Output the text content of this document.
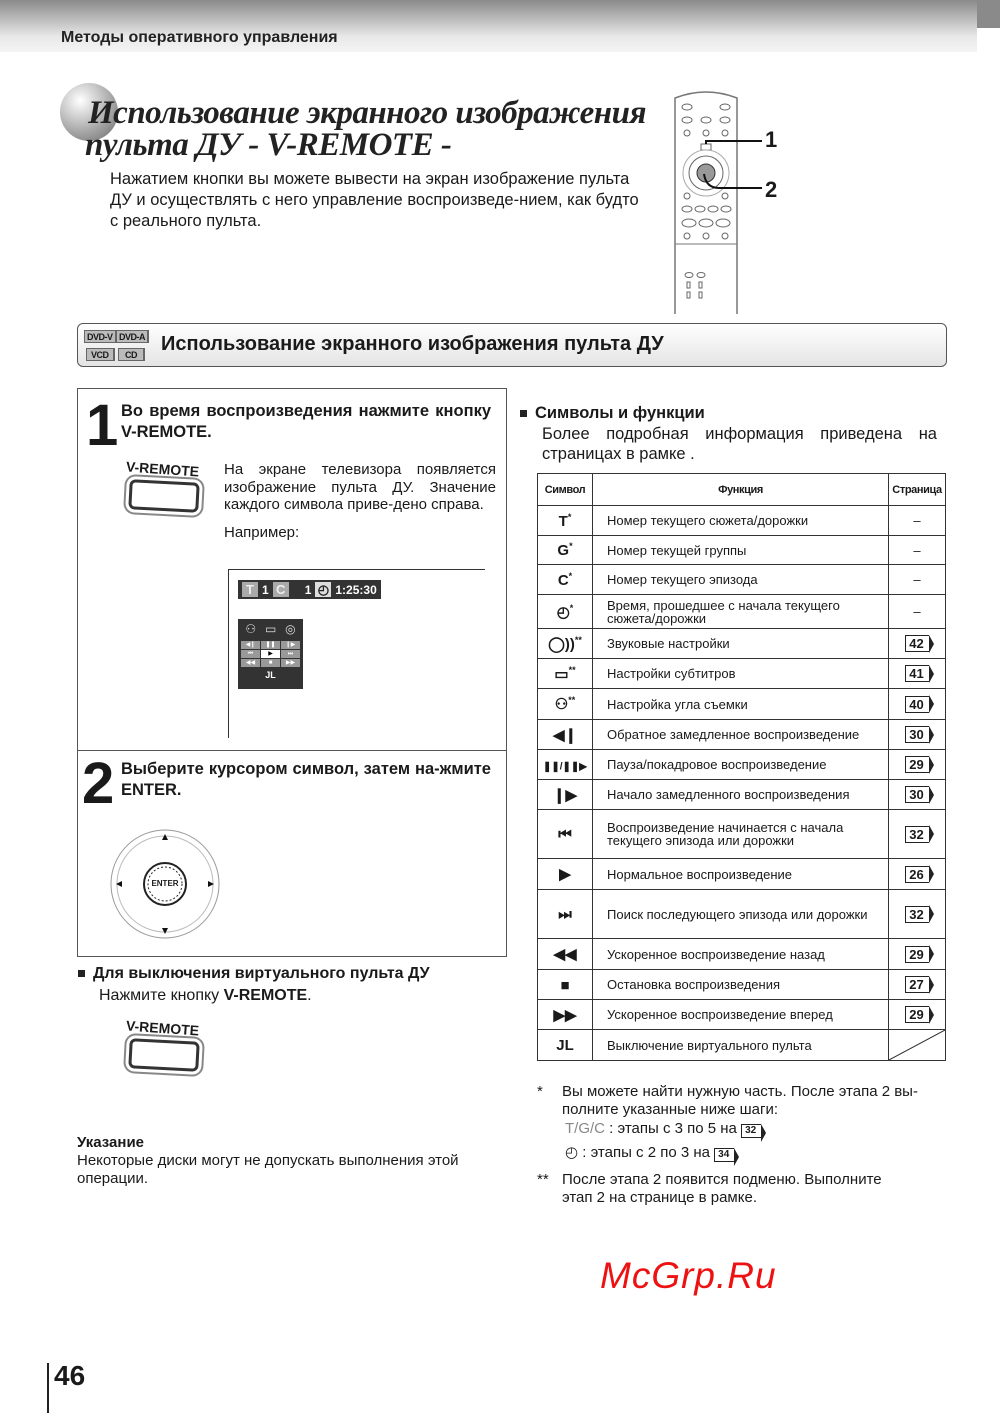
Методы оперативного управления
Использование экранного изображения
пульта ДУ - V-REMOTE -
Нажатием кнопки вы можете вывести на экран изображение пульта ДУ и осуществлять с него управление воспроизведе-нием, как будто с реального пульта.
1
2
DVD-V DVD-A
VCD	CD	Использование экранного изображения пульта ДУ
1 Во время воспроизведения нажмите кнопку V-REMOTE.
V-REMOTE На экране телевизора появляется изображение пульта ДУ. Значение каждого символа приве-дено справа.
Например:
T 1 C 1 ◴ 1:25:30
⚇ ▭ ◎
◀❙	❚❚	❙▶
⏮	▶	⏭
◀◀	■	▶▶
JL
2 Выберите курсором символ, затем на-жмите ENTER.
ENTER
Для выключения виртуального пульта ДУ
Нажмите кнопку V-REMOTE.
V-REMOTE
Указание
Некоторые диски могут не допускать выполнения этой операции.
Символы и функции
Более подробная информация приведена на страницах в рамке .
Символ	Функция	Страница
T*	Номер текущего сюжета/дорожки	–
G*	Номер текущей группы	–
C*	Номер текущего эпизода	–
◴*	Время, прошедшее с начала текущего сюжета/дорожки	–
◯))**	Звуковые настройки	42
▭**	Настройки субтитров	41
⚇**	Настройка угла съемки	40
◀❙	Обратное замедленное воспроизведение	30
❚❚/❚❚▶	Пауза/покадровое воспроизведение	29
❙▶	Начало замедленного воспроизведения	30
⏮	Воспроизведение начинается с начала текущего эпизода или дорожки	32
▶	Нормальное воспроизведение	26
⏭	Поиск последующего эпизода или дорожки	32
◀◀	Ускоренное воспроизведение назад	29
■	Остановка воспроизведения	27
▶▶	Ускоренное воспроизведение вперед	29
JL	Выключение виртуального пульта	
*	Вы можете найти нужную часть. После этапа 2 вы-полните указанные ниже шаги:
T/G/C : этапы с 3 по 5 на 32
◴ : этапы с 2 по 3 на 34
** После этапа 2 появится подменю. Выполните этап 2 на странице в рамке.
McGrp.Ru
46
